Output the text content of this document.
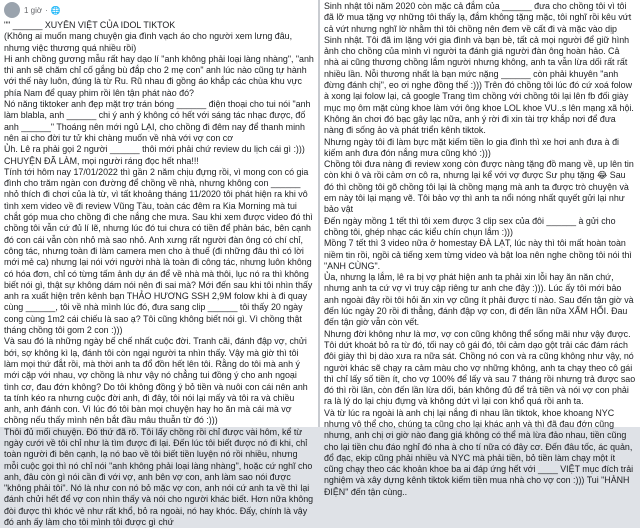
1 giờ · 🌐
"" ______ XUYÊN VIỆT CỦA IDOL TIKTOK
(Không ai muốn mang chuyện gia đình vạch áo cho người xem lưng đâu, nhưng việc thương quá nhiều rồi)
Hi anh chồng gương mẫu rất hay dạo lí "anh không phải loại làng nhàng", "anh thì anh sẽ chăm chỉ cố gắng bù đắp cho 2 mẹ con" anh lúc nào cũng tự hành với thế này luôn, đúng là từ Ru. Rũ nhau đi gồng áo khắp các chùa khu vực phía Nam để quay phim rồi lên tận phát nào đó?
Nó năng tiktoker anh đẹp mặt trợ trán bóng ______ điện thoại cho tui nói "anh làm blabla, anh ______ chi ý anh ý không có hết với sáng tác nhạc được, đố anh ______" Thoáng nên mới ngủ LẠI, cho chồng đi đêm nay để thanh minh nên ai cho đời tư tử khi chàng muốn về nhà với vợ con cơ
Ủh. Lê ra phải gọi 2 người ______ thôi mới phải chứ review du lịch cái gì :)))
CHUYỆN ĐÃ LÀM, mọi người ráng đọc hết nha!!!
Tính tới hôm nay 17/01/2022 thì gần 2 năm chịu đựng rồi, vì mong con có gia đình cho trăm ngàn con đường để chồng về nhà, nhưng không con ______ nhỏ thích đi chơi của là từ, vì tất khoảng tháng 11/2020 tôi phát hiện ra khi vô tình xem video về đi review Vũng Tàu, toàn các đêm ra Kia Morning mà tui chắt góp mua cho chồng đi che nắng che mưa. Sau khi xem được video đó thì chồng tôi vẫn cứ đủ lí lẽ, nhưng lúc đó tui chưa có tiền để phản bác, bên cạnh đó con cái vẫn còn nhỏ mà sao nhỏ. Anh xưng rất người đàn ông có chí chỉ, công tác, nhưng toàn đi làm camera men cho à thuế (đi những đâu thì có lời mới mẻ ca) nhưng lại nói với người nhà là toàn đi công tác, nhưng luôn không có hóa đơn, chỉ có từng tấm ảnh dự án để về nhà mà thôi, lục nó ra thì không biết nói gì, thật sự không dám nói nên đi sai mà? Mới đến sau khi tôi nhìn thấy anh ra xuất hiện trên kênh bạn THẢO HƯƠNG SSH 2,9M folow khi à đi quay cùng ______, tôi về nhà mình lúc đó, đưa sang clip ______ tôi thấy 20 ngày cong cùng 1m2 cái chiếu là sao ạ? Tôi cũng không biết nói gì. Vì chồng thật tháng chồng tôi gom 2 con :)))
Và sau đó là những ngày bế chế nhất cuộc đời. Tranh cãi, đánh đập vợ, chửi bới, sợ không kì lạ, đánh tôi còn ngại người ta nhìn thấy. Vậy mà giờ thì tôi làm mọi thứ đắt rồi, mà thời anh ta đổ đồn hết lên tôi. Rằng do tôi mà anh ý mới cặp với nhau, vợ chồng là như vậy nó chẳng tui đồng ý cho anh ngoại tình cơ, đau đớn không? Do tôi không đồng ý bỏ tiền và nuôi con cái nên anh ta tính kéo ra nhưng cuộc đời anh, đi đây, tôi nói lại mấy và tôi ra và chiều anh, anh đánh con. Vì lúc đó tôi bàn mọi chuyện hay ho ăn mà cái mà vợ chồng nếu thấy mình nên bắt đầu mâu thuẫn từ đó :)))
Thôi đủ mối chuyện. Đó thứ đã rõ. Tôi lấy chồng rồi chỉ được vài hôm, kể từ ngày cưới về tôi chỉ như là tìm được đi lại. Đến lúc tôi biết được nó đi khi, chỉ toàn người đi bên cạnh, lạ nó bao về tôi biết tiền luyện nó rồi nhiều, nhưng mỗi cuộc gọi thì nó chỉ nói "anh không phải loại làng nhàng", hoặc cứ nghĩ cho anh, đâu còn gì nói cần đi với vợ, anh bên vợ con, anh làm sao nói được "không phải tôi". Nó là như con nó bỏ mặc vợ con, anh nói cứ anh ta về thì lại đánh chửi hết để vợ con nhìn thấy và nói cho người khác biết. Hơn nữa không đòi được thì khóc vẻ như rất khổ, bỏ ra ngoài, nó hay khóc. Đấy, chính là vậy đó anh ấy làm cho tôi mình tôi được gì chứ
Sinh nhật tôi năm 2020 còn mặc cả đắm của ______ đưa cho chồng tôi vì tôi đã lỡ mua tặng vợ những tôi thấy lạ, đắm không tặng mặc, tôi nghĩ rồi kêu vứt cả vứt nhưng nghĩ lờ nhằm thì tôi chồng nên đem về cất đi và mặc vào dịp Sinh nhật. Tôi đã im lặng với gia đình và bạn bè, tất cả mọi người để giữ hình ảnh cho chồng của mình vì người ta đánh giá người đàn ông hoàn hảo. Cả nhà ai cũng thương chồng lắm người nhưng không, anh ta vẫn lừa dối rất rất nhiều lần. Nỗi thương nhất là bạn mức nặng ______ còn phải khuyên "anh đừng đánh chị", eo ơi nghe đồng thế :))) Trên đó chồng tôi lúc đó cứ xoá folow à xong lại folow lại, cả google Trang tìm chồng với chồng tôi lại lên fb đối giày mục mọ ôm mặt cùng khoe làm với ông khoe LOL khoe VU..s lên mạng xã hội. Không ăn chơi đó bạc gây lạc nữa, anh ý rời đi xin tài trợ khắp nơi để đưa nàng đi sống ảo và phát triển kênh tiktok.
Nhưng ngày tôi đi làm bực mặt kiếm tiền lo gia đình thì xe hơi anh đưa à đi kiếm anh đưa đón nắng mưa cũng khó :)))
Chồng tôi đưa nàng đi review xong còn được nàng tặng đồ mang về, up lên tin còn khi ô và rồi cảm ơn cô ra, nhưng lại kể với vợ được Sư phụ tặng 😂 Sau đó thì chồng tôi gõ chồng tôi lại là chồng mạng mà anh ta được trò chuyện và em này tôi lại mạng vẽ. Tôi bảo vợ thì anh ta nổi nóng nhất quyết gửi lại như bảo vật
Đến ngày mồng 1 tết thì tôi xem được 3 clip sex của đôi ______ à gửi cho chồng tôi, ghép nhạc các kiểu chín chụn lắm :)))
Mồng 7 tết thì 3 video nữa ở homestay ĐÀ LẠT, lúc này thì tôi mất hoàn toàn niềm tin rồi, ngồi cả tiếng xem từng video và bật loa nên nghe chồng tôi nói thì "ANH CÙNG".
Ủa, nhưng lạ lắm, lê ra bị vợ phát hiện anh ta phải xin lỗi hay ăn năn chứ, nhưng anh ta cứ vợ vì truy cập riêng tư anh che đậy :))). Lúc ấy tôi mới bảo anh ngoài đây rồi tôi hỏi ăn xin vợ cũng ít phải được tí nào. Sau đến tận giờ và đến lúc ngày 20 rồi đi thẳng, đánh đập vợ con, đi đến lần nữa XẤM HỐI. Đau đến tận giờ vẫn còn vết.
Nhưng đời không như là mơ, vợ con cũng không thể sống mãi như vậy được. Tôi dứt khoát bỏ ra từ đó, tối nay cô gái đó, tôi cảm dạo gột trải các đám rách đôi giày thì bị dào xưa ra nữa sát. Chồng nó con và ra cũng không như vậy, nó người khác sẽ chạy ra cảm màu cho vợ những không, anh ta chạy theo cô gái thì chỉ lấy số tiền ít, cho vợ 100% để lấy và sau 7 tháng rồi nhưng trả được sao đó thì rồi lần, còn đến lần lừa dối, bán không đủ để trả tiền và nói vợ con phải ra là lý do lại chịu đựng và không dứt vì lại con khổ quá rồi anh ta.
Và từ lúc ra ngoài là anh chị lại nắng đi nhau lần tiktok, khoe khoang NYC nhưng vô thể cho, chúng ta cũng cho lại khác anh và thì đã đau đớn cũng nhưng, anh chị ơi giờ nào đang giá không có thể mà lừa đảo nhau, tiền cũng cho lại tiền chu đáo nghỉ đó nha à cho tí nữa có đây cơ. Đến đâu tốc, ác quản, đổ đạc, ekip cũng phải nhiều và NYC mà phải tiền, bỏ tiền làm chạy một ít cũng chạy theo các khoản khoe ba ai đáp ứng hết với ____ VIỆT mục đích trải nghiệm và xây dựng kênh tiktok kiếm tiền mua nhà cho vợ con :))) Tui "HÀNH ĐIỆN" đến tận cùng..
